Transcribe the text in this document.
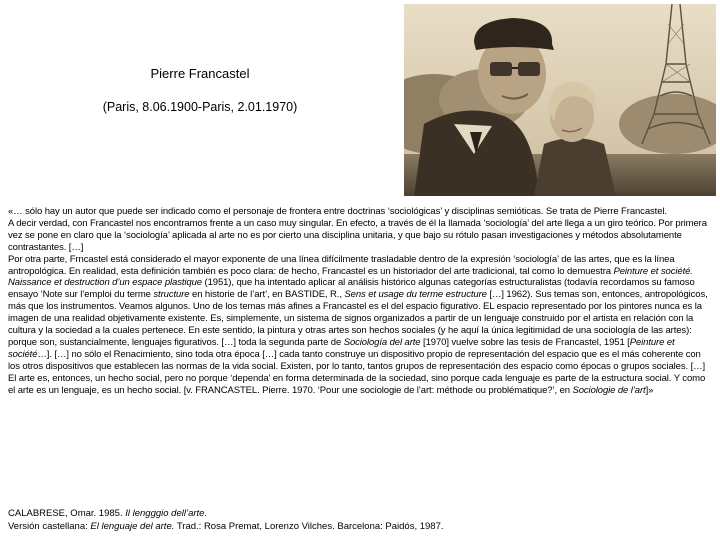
Pierre Francastel
(Paris, 8.06.1900-Paris, 2.01.1970)

«… sólo hay un autor que puede ser indicado como el personaje de frontera entre doctrinas ‘sociológicas’ y disciplinas semióticas. Se trata de Pierre Francastel.

A decir verdad, con Francastel nos encontramos frente a un caso muy singular. En efecto, a través de él la llamada ‘sociología’ del arte llega a un giro teórico. Por primera vez se pone en claro que la ‘sociología’ aplicada al arte no es por cierto una disciplina unitaria, y que bajo su rótulo pasan investigaciones y métodos absolutamente contrastantes. […]

Por otra parte, Frncastel está considerado el mayor exponente de una línea difícilmente trasladable dentro de la expresión ‘sociología’ de las artes, que es la línea antropológica. En realidad, esta definición también es poco clara: de hecho, Francastel es un historiador del arte tradicional, tal como lo demuestra Peinture et société. Naissance et destruction d’un espace plastique (1951), que ha intentado aplicar al análisis histórico algunas categorías estructuralistas (todavía recordamos su famoso ensayo ‘Note sur l’emploi du terme structure en historie de l’art’, en BASTIDE, R., Sens et usage du terme estructure […] 1962). Sus temas son, entonces, antropológicos, más que los instrumentos. Veamos algunos. Uno de los temas más afines a Francastel es el del espacio figurativo. EL espacio representado por los pintores nunca es la imagen de una realidad objetivamente existente. Es, simplemente, un sistema de signos organizados a partir de un lenguaje construido por el artista en relación con la cultura y la sociedad a la cuales pertenece. En este sentido, la pintura y otras artes son hechos sociales (y he aquí la única legitimidad de una sociología de las artes): porque son, sustancialmente, lenguajes figurativos. […] toda la segunda parte de Sociología del arte [1970] vuelve sobre las tesis de Francastel, 1951 [Peinture et société…]. […] no sólo el Renacimiento, sino toda otra época […] cada tanto construye un dispositivo propio de representación del espacio que es el más coherente con los otros dispositivos que establecen las normas de la vida social. Existen, por lo tanto, tantos grupos de representación des espacio como épocas o grupos sociales. […] El arte es, entonces, un hecho social, pero no porque ‘dependa’ en forma determinada de la sociedad, sino porque cada lenguaje es parte de la estructura social. Y como el arte es un lenguaje, es un hecho social. [v. FRANCASTEL. Pierre. 1970. ‘Pour une sociologie de l’art: méthode ou problématique?’, en Sociologie de l’art]»

CALABRESE, Omar. 1985. Il lengggio dell’arte.

Versión castellana: El lenguaje del arte. Trad.: Rosa Premat, Lorenzo Vilches. Barcelona: Paidós, 1987.
